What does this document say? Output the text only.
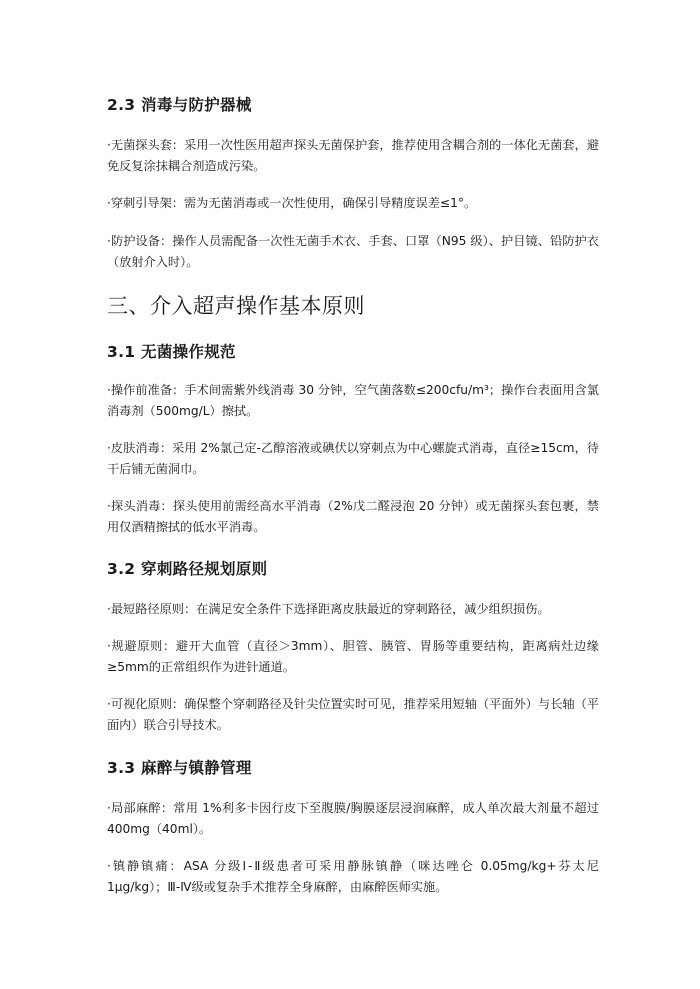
2.3 消毒与防护器械

·无菌探头套：采用一次性医用超声探头无菌保护套，推荐使用含耦合剂的一体化无菌套，避免反复涂抹耦合剂造成污染。

·穿刺引导架：需为无菌消毒或一次性使用，确保引导精度误差≤1°。

·防护设备：操作人员需配备一次性无菌手术衣、手套、口罩（N95 级）、护目镜、铅防护衣（放射介入时）。

三、介入超声操作基本原则
3.1 无菌操作规范

·操作前准备：手术间需紫外线消毒 30 分钟，空气菌落数≤200cfu/m³；操作台表面用含氯消毒剂（500mg/L）擦拭。

·皮肤消毒：采用 2%氯己定-乙醇溶液或碘伏以穿刺点为中心螺旋式消毒，直径≥15cm，待干后铺无菌洞巾。

·探头消毒：探头使用前需经高水平消毒（2%戊二醛浸泡 20 分钟）或无菌探头套包裹，禁用仅酒精擦拭的低水平消毒。

3.2 穿刺路径规划原则

·最短路径原则：在满足安全条件下选择距离皮肤最近的穿刺路径，减少组织损伤。

·规避原则：避开大血管（直径＞3mm）、胆管、胰管、胃肠等重要结构，距离病灶边缘≥5mm的正常组织作为进针通道。

·可视化原则：确保整个穿刺路径及针尖位置实时可见，推荐采用短轴（平面外）与长轴（平面内）联合引导技术。

3.3 麻醉与镇静管理

·局部麻醉：常用 1%利多卡因行皮下至腹膜/胸膜逐层浸润麻醉，成人单次最大剂量不超过 400mg（40ml）。

·镇静镇痛：ASA 分级Ⅰ-Ⅱ级患者可采用静脉镇静（咪达唑仑 0.05mg/kg+芬太尼 1μg/kg）；Ⅲ-Ⅳ级或复杂手术推荐全身麻醉，由麻醉医师实施。
